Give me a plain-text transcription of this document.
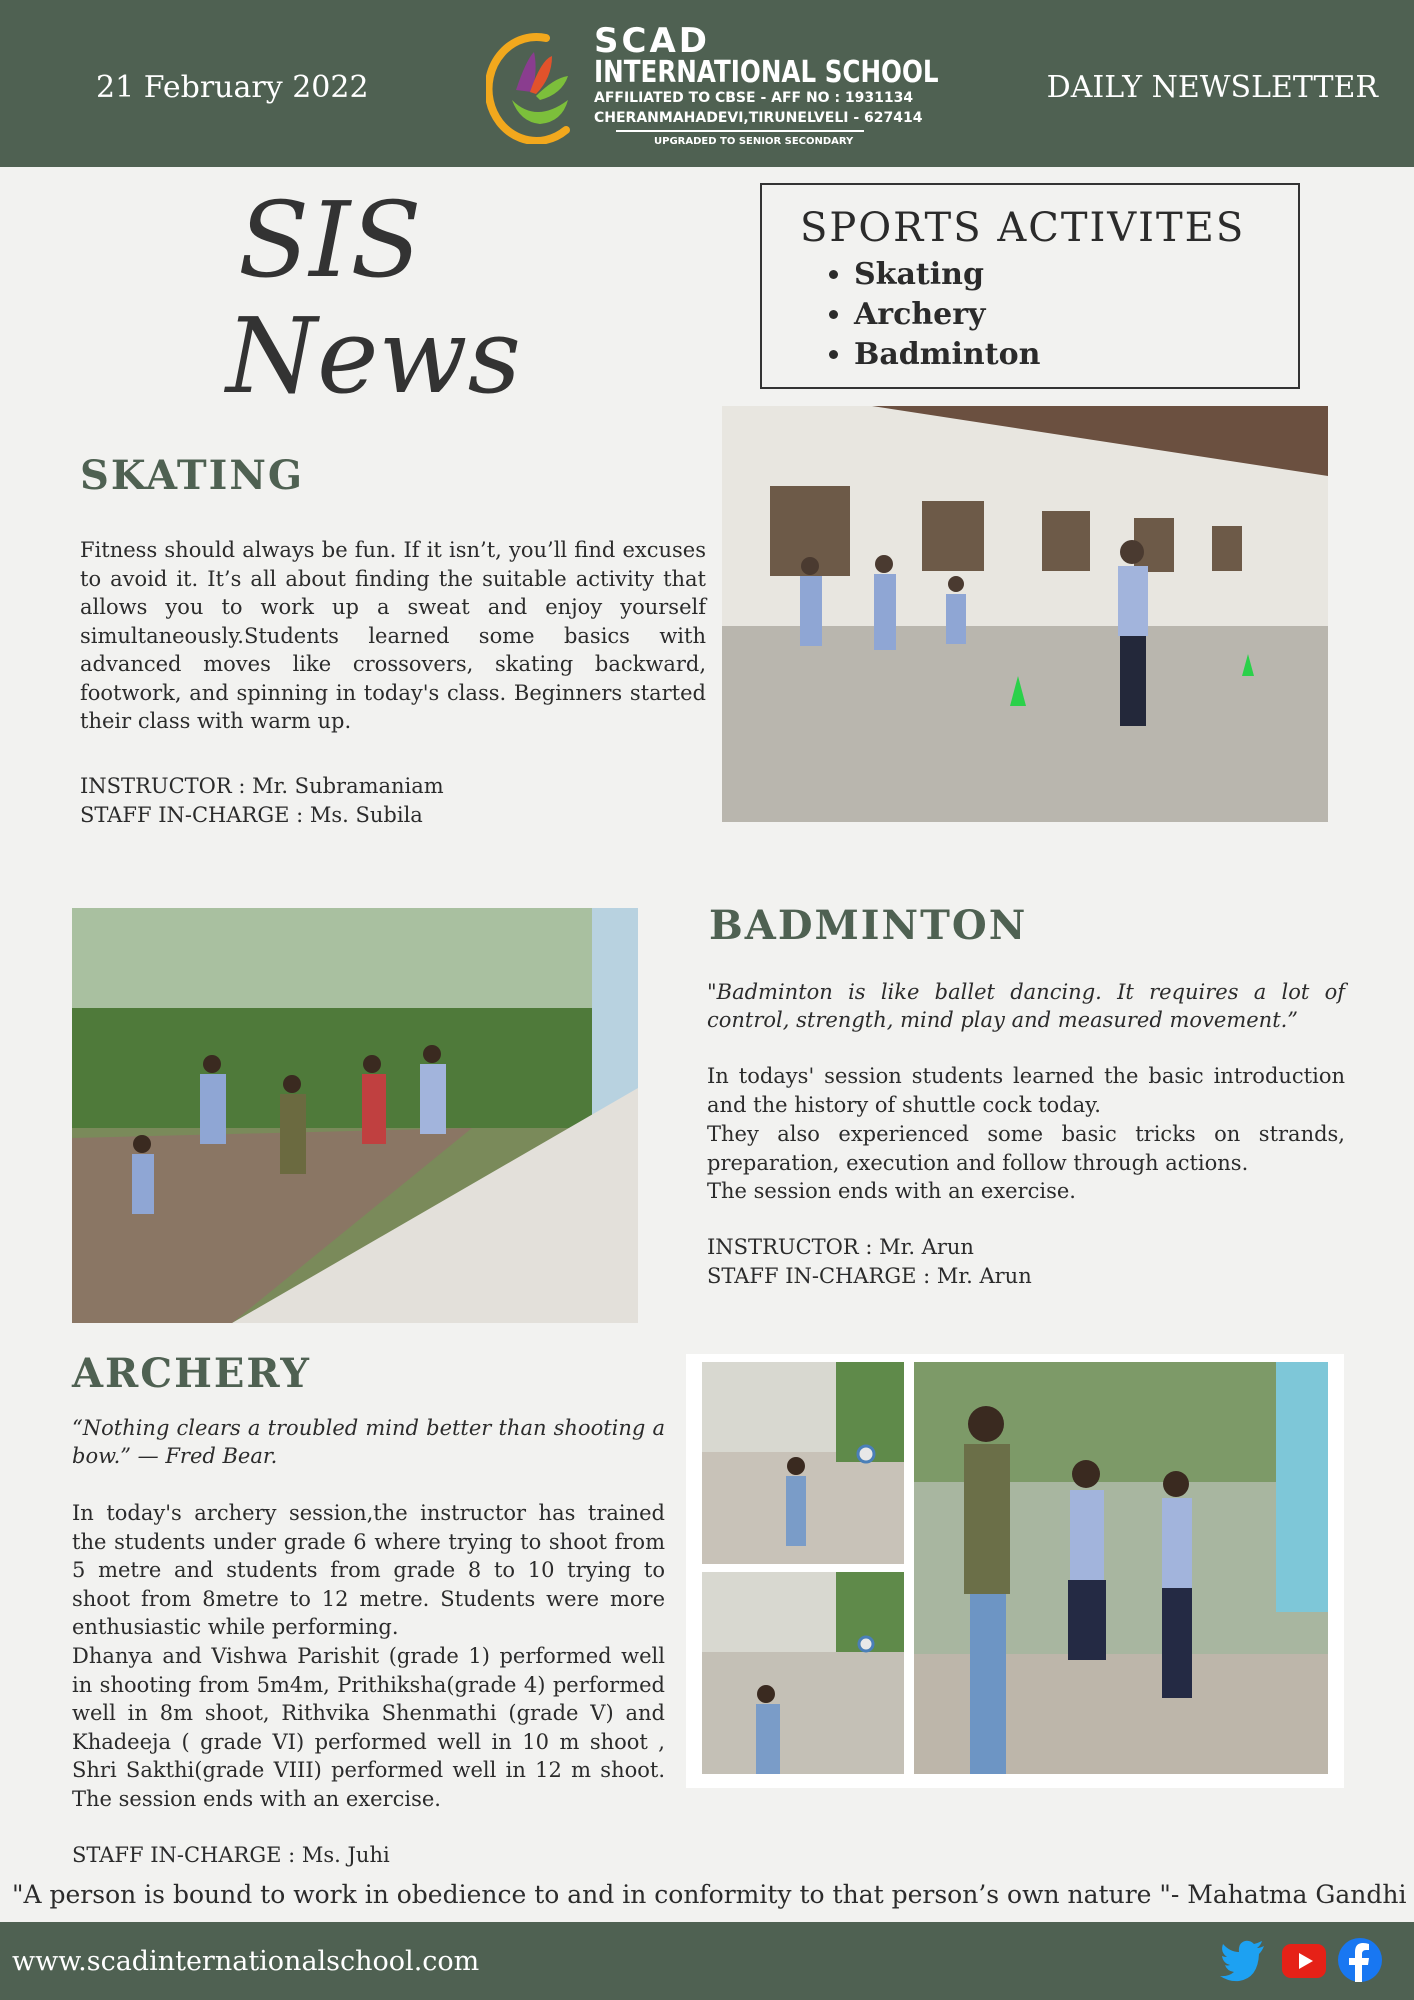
21 February 2022
SCAD
INTERNATIONAL SCHOOL
AFFILIATED TO CBSE - AFF NO : 1931134
CHERANMAHADEVI,TIRUNELVELI - 627414
UPGRADED TO SENIOR SECONDARY
DAILY NEWSLETTER
SIS
News
SPORTS ACTIVITES
• Skating
• Archery
• Badminton
SKATING

Fitness should always be fun. If it isn’t, you’ll find excuses to avoid it. It’s all about finding the suitable activity that allows you to work up a sweat and enjoy yourself simultaneously.Students learned some basics with advanced moves like crossovers, skating backward, footwork, and spinning in today's class. Beginners started their class with warm up.

INSTRUCTOR : Mr. Subramaniam
STAFF IN-CHARGE : Ms. Subila
BADMINTON

"Badminton is like ballet dancing. It requires a lot of control, strength, mind play and measured movement.”

In todays' session students learned the basic introduction and the history of shuttle cock today.

They also experienced some basic tricks on strands, preparation, execution and follow through actions.

The session ends with an exercise.

INSTRUCTOR : Mr. Arun
STAFF IN-CHARGE : Mr. Arun
ARCHERY

“Nothing clears a troubled mind better than shooting a bow.” — Fred Bear.

In today's archery session,the instructor has trained the students under grade 6 where trying to shoot from 5 metre and students from grade 8 to 10 trying to shoot from 8metre to 12 metre. Students were more enthusiastic while performing.

Dhanya and Vishwa Parishit (grade 1) performed well in shooting from 5m4m, Prithiksha(grade 4) performed well in 8m shoot, Rithvika Shenmathi (grade V) and Khadeeja ( grade VI) performed well in 10 m shoot , Shri Sakthi(grade VIII) performed well in 12 m shoot. The session ends with an exercise.

STAFF IN-CHARGE : Ms. Juhi
"A person is bound to work in obedience to and in conformity to that person’s own nature "- Mahatma Gandhi
www.scadinternationalschool.com
